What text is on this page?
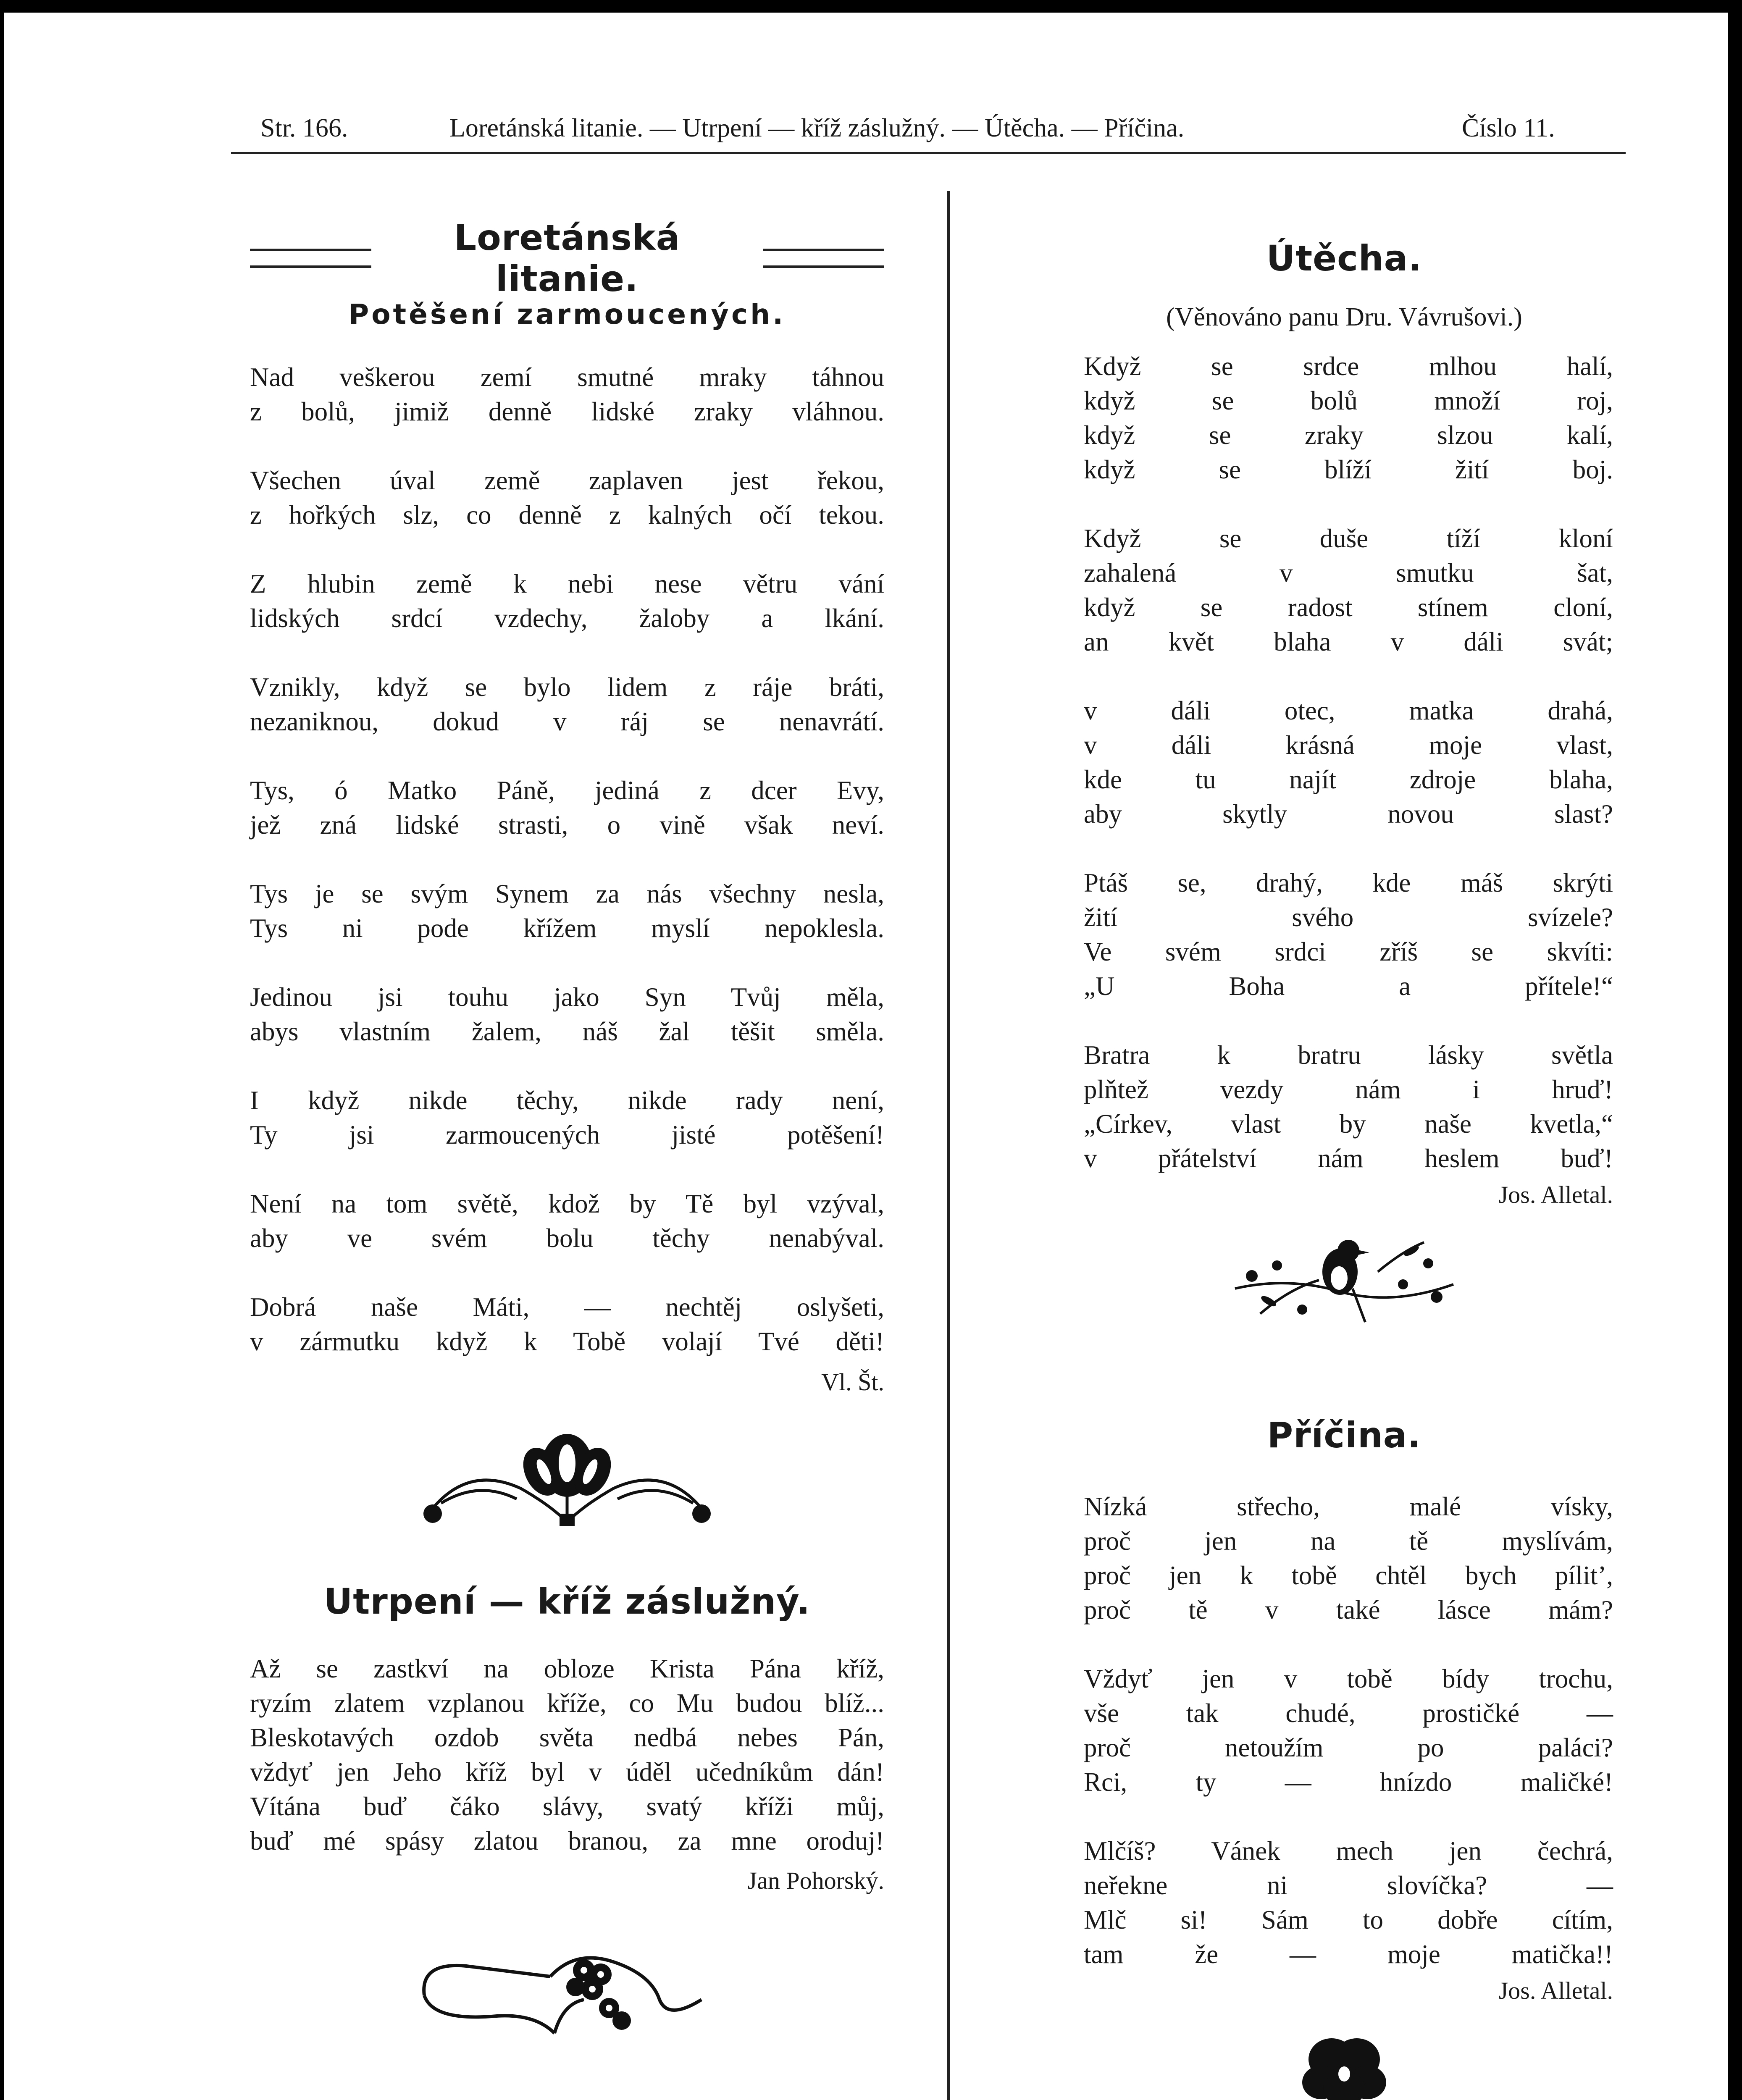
Str. 166.	Loretánská litanie. — Utrpení — kříž záslužný. — Útěcha. — Příčina.	Číslo 11.
Loretánská litanie.
Potěšení zarmoucených.
Nad veškerou zemí smutné mraky táhnou
z bolů, jimiž denně lidské zraky vláhnou.
Všechen úval země zaplaven jest řekou,
z hořkých slz, co denně z kalných očí tekou.
Z hlubin země k nebi nese větru vání
lidských srdcí vzdechy, žaloby a lkání.
Vznikly, když se bylo lidem z ráje bráti,
nezaniknou, dokud v ráj se nenavrátí.
Tys, ó Matko Páně, jediná z dcer Evy,
jež zná lidské strasti, o vině však neví.
Tys je se svým Synem za nás všechny nesla,
Tys ni pode křížem myslí nepoklesla.
Jedinou jsi touhu jako Syn Tvůj měla,
abys vlastním žalem, náš žal těšit směla.
I když nikde těchy, nikde rady není,
Ty jsi zarmoucených jisté potěšení!
Není na tom světě, kdož by Tě byl vzýval,
aby ve svém bolu těchy nenabýval.
Dobrá naše Máti, — nechtěj oslyšeti,
v zármutku když k Tobě volají Tvé děti!
Vl. Št.
Utrpení — kříž záslužný.
Až se zastkví na obloze Krista Pána kříž,
ryzím zlatem vzplanou kříže, co Mu budou blíž...
Bleskotavých ozdob světa nedbá nebes Pán,
vždyť jen Jeho kříž byl v úděl učedníkům dán!
Vítána buď čáko slávy, svatý kříži můj,
buď mé spásy zlatou branou, za mne oroduj!
Jan Pohorský.
Útěcha.
(Věnováno panu Dru. Vávrušovi.)
Když se srdce mlhou halí,
když se bolů množí roj,
když se zraky slzou kalí,
když se blíží žití boj.
Když se duše tíží kloní
zahalená v smutku šat,
když se radost stínem cloní,
an květ blaha v dáli svát;
v dáli otec, matka drahá,
v dáli krásná moje vlast,
kde tu najít zdroje blaha,
aby skytly novou slast?
Ptáš se, drahý, kde máš skrýti
žití svého svízele?
Ve svém srdci zříš se skvíti:
„U Boha a přítele!“
Bratra k bratru lásky světla
plňtež vezdy nám i hruď!
„Církev, vlast by naše kvetla,“
v přátelství nám heslem buď!
Jos. Alletal.
Příčina.
Nízká střecho, malé vísky,
proč jen na tě myslívám,
proč jen k tobě chtěl bych pílit’,
proč tě v také lásce mám?
Vždyť jen v tobě bídy trochu,
vše tak chudé, prostičké —
proč netoužím po paláci?
Rci, ty — hnízdo maličké!
Mlčíš? Vánek mech jen čechrá,
neřekne ni slovíčka? —
Mlč si! Sám to dobře cítím,
tam že — moje matička!!
Jos. Alletal.
